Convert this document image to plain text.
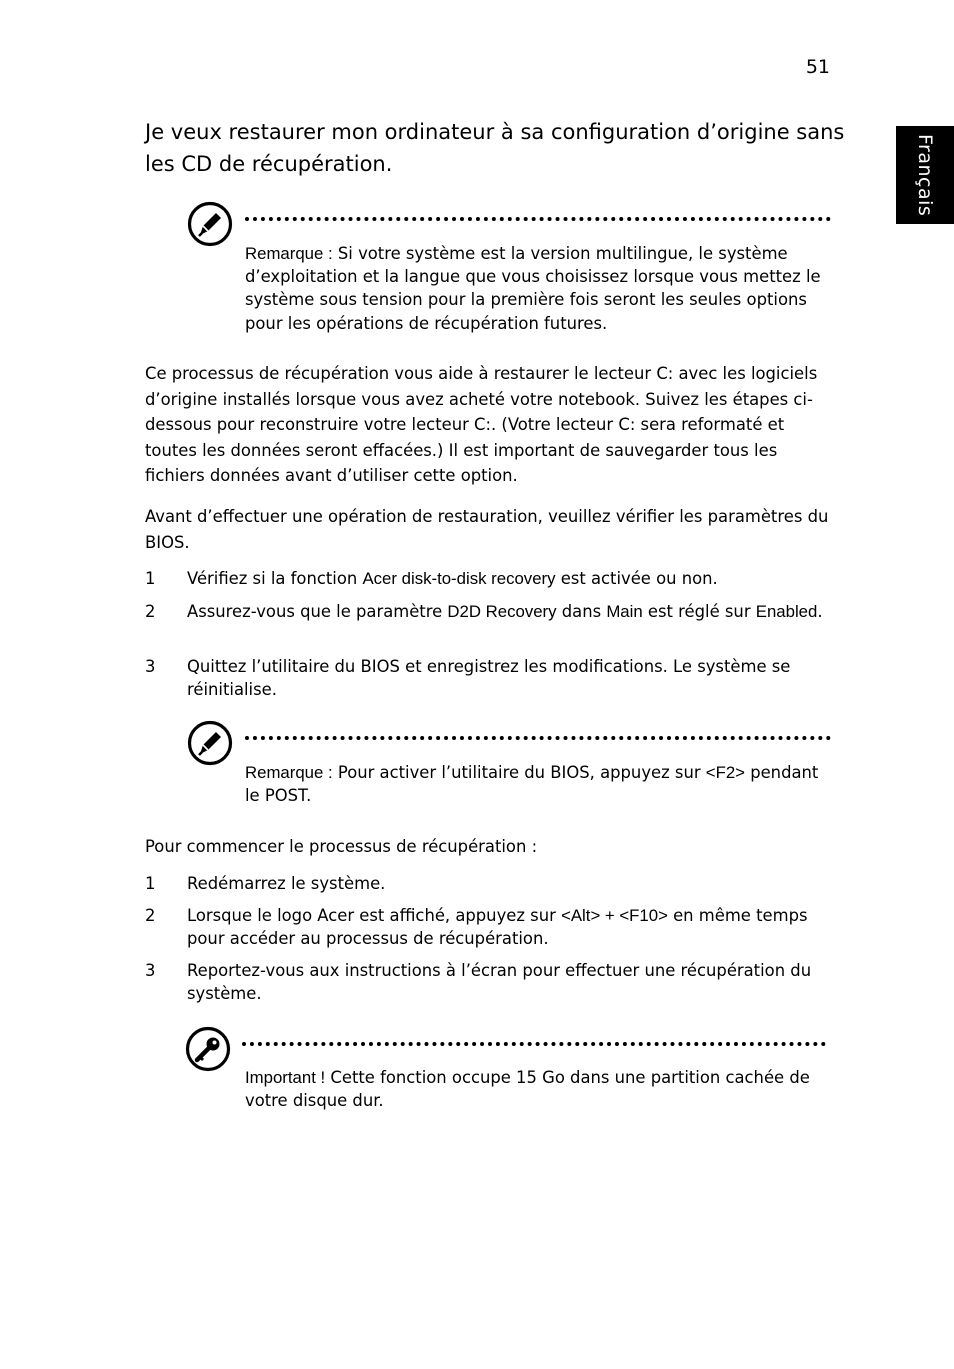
51
Français
Je veux restaurer mon ordinateur à sa configuration d’origine sans les CD de récupération.
Remarque : Si votre système est la version multilingue, le système d’exploitation et la langue que vous choisissez lorsque vous mettez le système sous tension pour la première fois seront les seules options pour les opérations de récupération futures.
Ce processus de récupération vous aide à restaurer le lecteur C: avec les logiciels d’origine installés lorsque vous avez acheté votre notebook. Suivez les étapes ci-dessous pour reconstruire votre lecteur C:. (Votre lecteur C: sera reformaté et toutes les données seront effacées.) Il est important de sauvegarder tous les fichiers données avant d’utiliser cette option.
Avant d’effectuer une opération de restauration, veuillez vérifier les paramètres du BIOS.
1 Vérifiez si la fonction Acer disk-to-disk recovery est activée ou non.
2 Assurez-vous que le paramètre D2D Recovery dans Main est réglé sur Enabled.
3 Quittez l’utilitaire du BIOS et enregistrez les modifications. Le système se réinitialise.
Remarque : Pour activer l’utilitaire du BIOS, appuyez sur <F2> pendant le POST.
Pour commencer le processus de récupération :
1 Redémarrez le système.
2 Lorsque le logo Acer est affiché, appuyez sur <Alt> + <F10> en même temps pour accéder au processus de récupération.
3 Reportez-vous aux instructions à l’écran pour effectuer une récupération du système.
Important ! Cette fonction occupe 15 Go dans une partition cachée de votre disque dur.
